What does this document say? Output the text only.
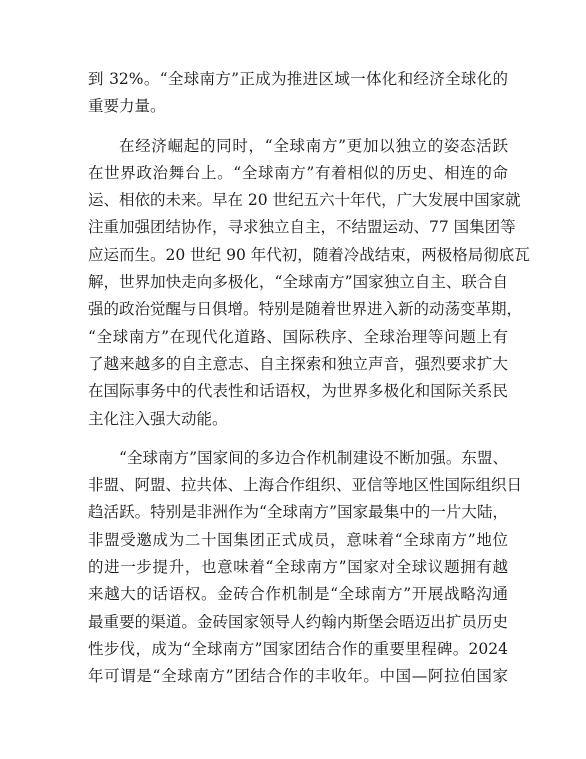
到 32%。“全球南方”正成为推进区域一体化和经济全球化的
重要力量。
在经济崛起的同时，“全球南方”更加以独立的姿态活跃
在世界政治舞台上。“全球南方”有着相似的历史、相连的命
运、相依的未来。早在 20 世纪五六十年代，广大发展中国家就
注重加强团结协作，寻求独立自主，不结盟运动、77 国集团等
应运而生。20 世纪 90 年代初，随着冷战结束，两极格局彻底瓦
解，世界加快走向多极化，“全球南方”国家独立自主、联合自
强的政治觉醒与日俱增。特别是随着世界进入新的动荡变革期，
“全球南方”在现代化道路、国际秩序、全球治理等问题上有
了越来越多的自主意志、自主探索和独立声音，强烈要求扩大
在国际事务中的代表性和话语权，为世界多极化和国际关系民
主化注入强大动能。
“全球南方”国家间的多边合作机制建设不断加强。东盟、
非盟、阿盟、拉共体、上海合作组织、亚信等地区性国际组织日
趋活跃。特别是非洲作为“全球南方”国家最集中的一片大陆，
非盟受邀成为二十国集团正式成员，意味着“全球南方”地位
的进一步提升，也意味着“全球南方”国家对全球议题拥有越
来越大的话语权。金砖合作机制是“全球南方”开展战略沟通
最重要的渠道。金砖国家领导人约翰内斯堡会晤迈出扩员历史
性步伐，成为“全球南方”国家团结合作的重要里程碑。2024
年可谓是“全球南方”团结合作的丰收年。中国—阿拉伯国家
